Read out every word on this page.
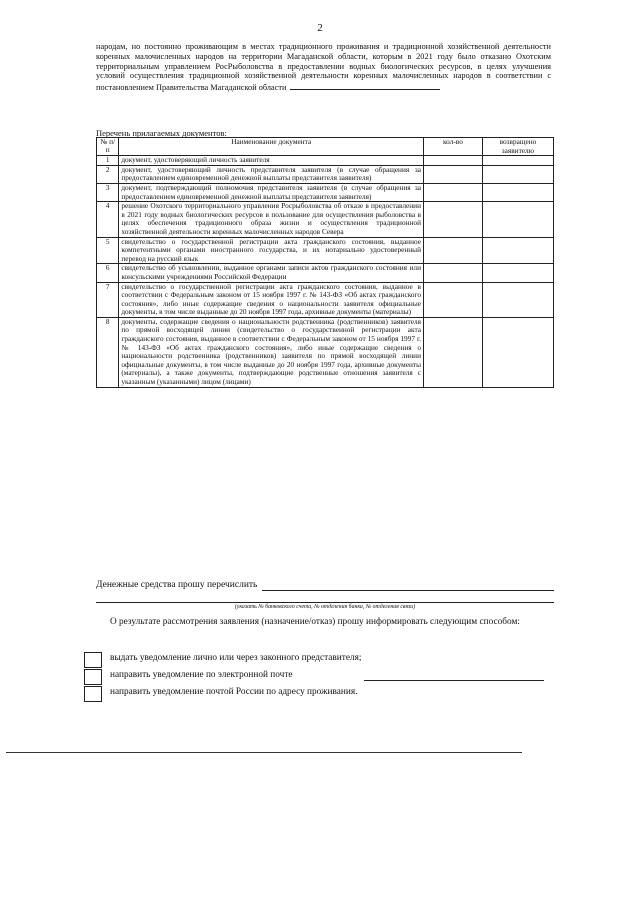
2
народам, но постоянно проживающим в местах традиционного проживания и традиционной хозяйственной деятельности коренных малочисленных народов на территории Магаданской области, которым в 2021 году было отказано Охотским территориальным управлением РосРыболовства в предоставлении водных биологических ресурсов, в целях улучшения условий осуществления традиционной хозяйственной деятельности коренных малочисленных народов в соответствии с постановлением Правительства Магаданской области
Перечень прилагаемых документов:
№ п/п	Наименование документа	кол-во	возвращено заявителю
1	документ, удостоверяющий личность заявителя		
2	документ, удостоверяющий личность представителя заявителя (в случае обращения за предоставлением единовременной денежной выплаты представителя заявителя)		
3	документ, подтверждающий полномочия представителя заявителя (в случае обращения за предоставлением единовременной денежной выплаты представителя заявителя)		
4	решение Охотского территориального управления Росрыболовства об отказе в предоставлении в 2021 году водных биологических ресурсов в пользование для осуществления рыболовства в целях обеспечения традиционного образа жизни и осуществления традиционной хозяйственной деятельности коренных малочисленных народов Севера		
5	свидетельство о государственной регистрации акта гражданского состояния, выданное компетентными органами иностранного государства, и их нотариально удостоверенный перевод на русский язык		
6	свидетельство об усыновлении, выданное органами записи актов гражданского состояния или консульскими учреждениями Российской Федерации		
7	свидетельство о государственной регистрации акта гражданского состояния, выданное в соответствии с Федеральным законом от 15 ноября 1997 г. № 143-ФЗ «Об актах гражданского состояния», либо иные содержащие сведения о национальности заявителя официальные документы, в том числе выданные до 20 ноября 1997 года, архивные документы (материалы)		
8	документы, содержащие сведения о национальности родственника (родственников) заявителя по прямой восходящей линии (свидетельство о государственной регистрации акта гражданского состояния, выданное в соответствии с Федеральным законом от 15 ноября 1997 г. № 143-ФЗ «Об актах гражданского состояния», либо иные содержащие сведения о национальности родственника (родственников) заявителя по прямой восходящей линии официальные документы, в том числе выданные до 20 ноября 1997 года, архивные документы (материалы), а также документы, подтверждающие родственные отношения заявителя с указанным (указанными) лицом (лицами)		
Денежные средства прошу перечислить
(указать № банковского счета, № отделения банка, № отделения связи)
О результате рассмотрения заявления (назначение/отказ) прошу информировать следующим способом:
выдать уведомление лично или через законного представителя;
направить уведомление по электронной почте
направить уведомление почтой России по адресу проживания.
